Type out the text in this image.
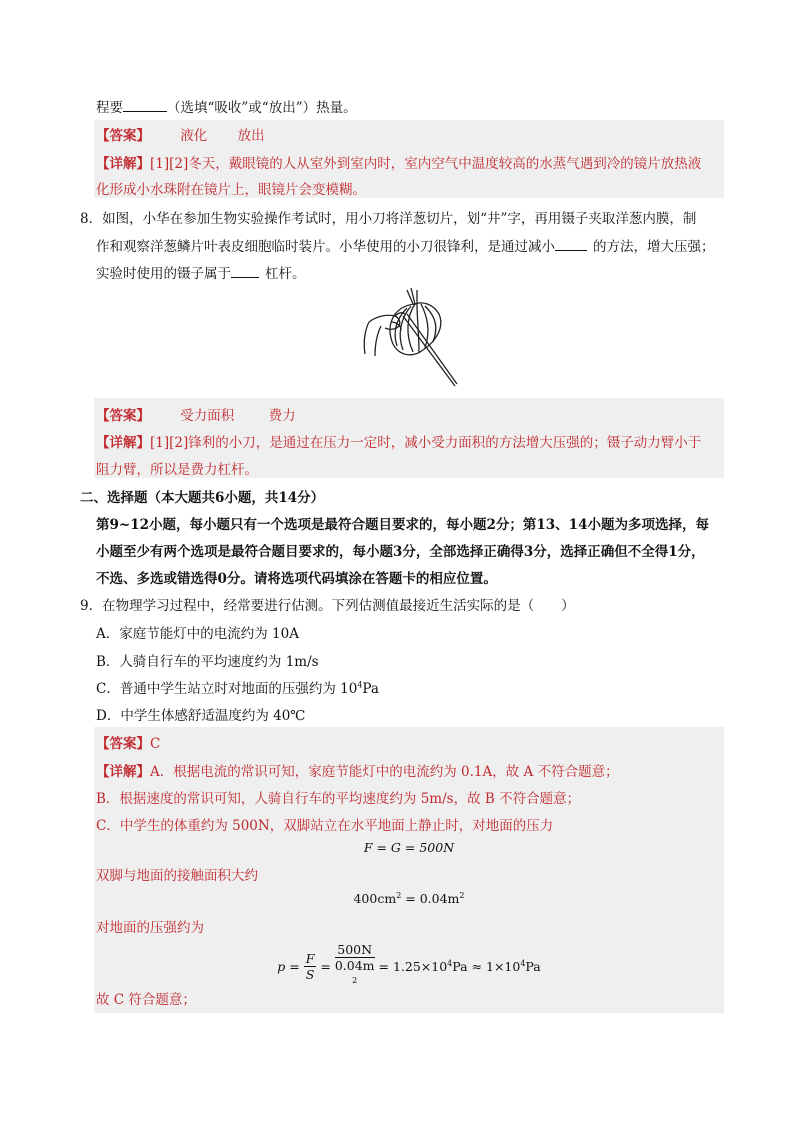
程要	（选填“吸收”或“放出”）热量。
【答案】 液化 放出
【详解】[1][2]冬天，戴眼镜的人从室外到室内时，室内空气中温度较高的水蒸气遇到冷的镜片放热液
化形成小水珠附在镜片上，眼镜片会变模糊。
8．如图，小华在参加生物实验操作考试时，用小刀将洋葱切片，划“井”字，再用镊子夹取洋葱内膜，制
作和观察洋葱鳞片叶表皮细胞临时装片。小华使用的小刀很锋利，是通过减小	的方法，增大压强；
实验时使用的镊子属于	杠杆。
【答案】 受力面积	费力
【详解】[1][2]锋利的小刀，是通过在压力一定时，减小受力面积的方法增大压强的；镊子动力臂小于
阻力臂，所以是费力杠杆。
二、选择题（本大题共6小题，共14分）
第9~12小题，每小题只有一个选项是最符合题目要求的，每小题2分；第13、14小题为多项选择，每
小题至少有两个选项是最符合题目要求的，每小题3分，全部选择正确得3分，选择正确但不全得1分，
不选、多选或错选得0分。请将选项代码填涂在答题卡的相应位置。
9．在物理学习过程中，经常要进行估测。下列估测值最接近生活实际的是（　　）
A．家庭节能灯中的电流约为 10A
B．人骑自行车的平均速度约为 1m/s
C．普通中学生站立时对地面的压强约为 $10^4Pa$
D．中学生体感舒适温度约为 40℃
【答案】C
【详解】A．根据电流的常识可知，家庭节能灯中的电流约为 0.1A，故 A 不符合题意；
B．根据速度的常识可知，人骑自行车的平均速度约为 5m/s，故 B 不符合题意；
C．中学生的体重约为 500N，双脚站立在水平地面上静止时，对地面的压力
F = G = 500N
双脚与地面的接触面积大约
$400cm^2 = 0.04m^2$
对地面的压强约为
$p = \frac{F}{S} = 500N$
0.04m
$^2 = 1.25\times 10^4Pa \approx 1\times 10^4Pa$
故 C 符合题意；
